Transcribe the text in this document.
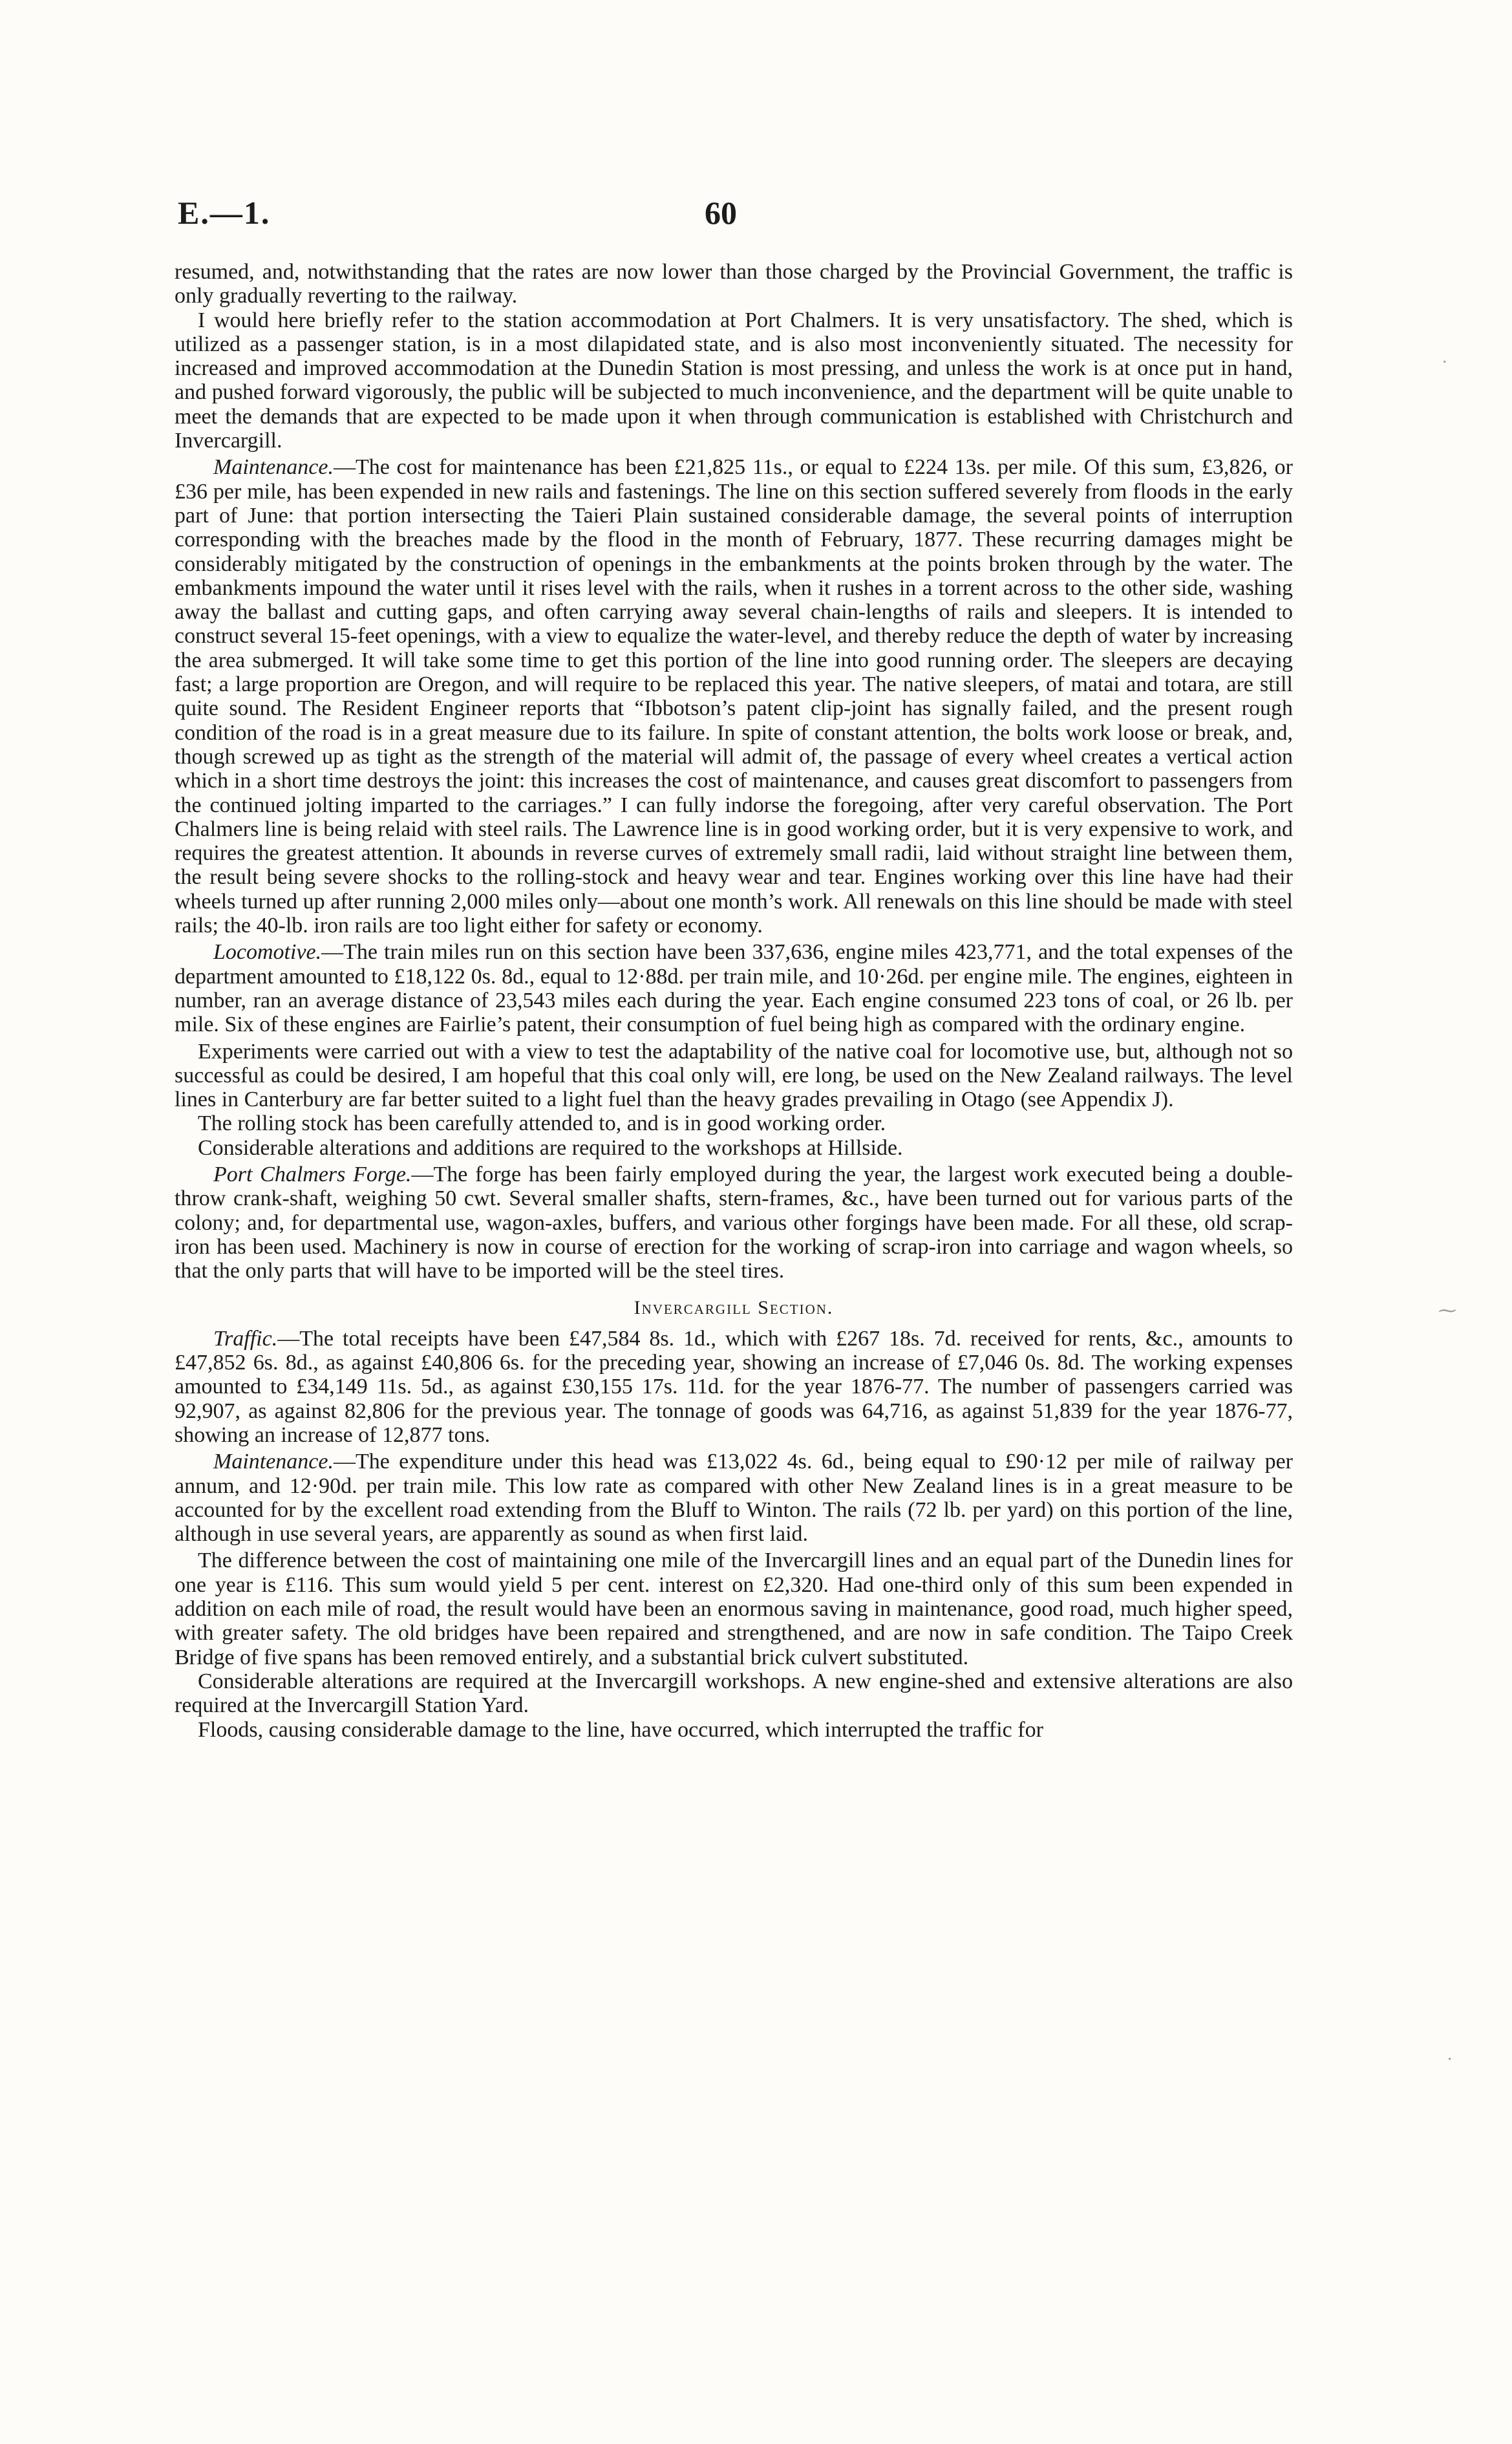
E.—1.	60

resumed, and, notwithstanding that the rates are now lower than those charged by the Provincial Government, the traffic is only gradually reverting to the railway.

I would here briefly refer to the station accommodation at Port Chalmers. It is very unsatisfactory. The shed, which is utilized as a passenger station, is in a most dilapidated state, and is also most inconveniently situated. The necessity for increased and improved accommodation at the Dunedin Station is most pressing, and unless the work is at once put in hand, and pushed forward vigorously, the public will be subjected to much inconvenience, and the department will be quite unable to meet the demands that are expected to be made upon it when through communication is established with Christchurch and Invercargill.

Maintenance.—The cost for maintenance has been £21,825 11s., or equal to £224 13s. per mile. Of this sum, £3,826, or £36 per mile, has been expended in new rails and fastenings. The line on this section suffered severely from floods in the early part of June: that portion intersecting the Taieri Plain sustained considerable damage, the several points of interruption corresponding with the breaches made by the flood in the month of February, 1877. These recurring damages might be considerably mitigated by the construction of openings in the embankments at the points broken through by the water. The embankments impound the water until it rises level with the rails, when it rushes in a torrent across to the other side, washing away the ballast and cutting gaps, and often carrying away several chain-lengths of rails and sleepers. It is intended to construct several 15-feet openings, with a view to equalize the water-level, and thereby reduce the depth of water by increasing the area submerged. It will take some time to get this portion of the line into good running order. The sleepers are decaying fast; a large proportion are Oregon, and will require to be replaced this year. The native sleepers, of matai and totara, are still quite sound. The Resident Engineer reports that “Ibbotson’s patent clip-joint has signally failed, and the present rough condition of the road is in a great measure due to its failure. In spite of constant attention, the bolts work loose or break, and, though screwed up as tight as the strength of the material will admit of, the passage of every wheel creates a vertical action which in a short time destroys the joint: this increases the cost of maintenance, and causes great discomfort to passengers from the continued jolting imparted to the carriages.” I can fully indorse the foregoing, after very careful observation. The Port Chalmers line is being relaid with steel rails. The Lawrence line is in good working order, but it is very expensive to work, and requires the greatest attention. It abounds in reverse curves of extremely small radii, laid without straight line between them, the result being severe shocks to the rolling-stock and heavy wear and tear. Engines working over this line have had their wheels turned up after running 2,000 miles only—about one month’s work. All renewals on this line should be made with steel rails; the 40-lb. iron rails are too light either for safety or economy.

Locomotive.—The train miles run on this section have been 337,636, engine miles 423,771, and the total expenses of the department amounted to £18,122 0s. 8d., equal to 12·88d. per train mile, and 10·26d. per engine mile. The engines, eighteen in number, ran an average distance of 23,543 miles each during the year. Each engine consumed 223 tons of coal, or 26 lb. per mile. Six of these engines are Fairlie’s patent, their consumption of fuel being high as compared with the ordinary engine.

Experiments were carried out with a view to test the adaptability of the native coal for locomotive use, but, although not so successful as could be desired, I am hopeful that this coal only will, ere long, be used on the New Zealand railways. The level lines in Canterbury are far better suited to a light fuel than the heavy grades prevailing in Otago (see Appendix J).

The rolling stock has been carefully attended to, and is in good working order.

Considerable alterations and additions are required to the workshops at Hillside.

Port Chalmers Forge.—The forge has been fairly employed during the year, the largest work executed being a double-throw crank-shaft, weighing 50 cwt. Several smaller shafts, stern-frames, &c., have been turned out for various parts of the colony; and, for departmental use, wagon-axles, buffers, and various other forgings have been made. For all these, old scrap-iron has been used. Machinery is now in course of erection for the working of scrap-iron into carriage and wagon wheels, so that the only parts that will have to be imported will be the steel tires.

Invercargill Section.

Traffic.—The total receipts have been £47,584 8s. 1d., which with £267 18s. 7d. received for rents, &c., amounts to £47,852 6s. 8d., as against £40,806 6s. for the preceding year, showing an increase of £7,046 0s. 8d. The working expenses amounted to £34,149 11s. 5d., as against £30,155 17s. 11d. for the year 1876-77. The number of passengers carried was 92,907, as against 82,806 for the previous year. The tonnage of goods was 64,716, as against 51,839 for the year 1876-77, showing an increase of 12,877 tons.

Maintenance.—The expenditure under this head was £13,022 4s. 6d., being equal to £90·12 per mile of railway per annum, and 12·90d. per train mile. This low rate as compared with other New Zealand lines is in a great measure to be accounted for by the excellent road extending from the Bluff to Winton. The rails (72 lb. per yard) on this portion of the line, although in use several years, are apparently as sound as when first laid.

The difference between the cost of maintaining one mile of the Invercargill lines and an equal part of the Dunedin lines for one year is £116. This sum would yield 5 per cent. interest on £2,320. Had one-third only of this sum been expended in addition on each mile of road, the result would have been an enormous saving in maintenance, good road, much higher speed, with greater safety. The old bridges have been repaired and strengthened, and are now in safe condition. The Taipo Creek Bridge of five spans has been removed entirely, and a substantial brick culvert substituted.

Considerable alterations are required at the Invercargill workshops. A new engine-shed and extensive alterations are also required at the Invercargill Station Yard.

Floods, causing considerable damage to the line, have occurred, which interrupted the traffic for

·
⁓
·
